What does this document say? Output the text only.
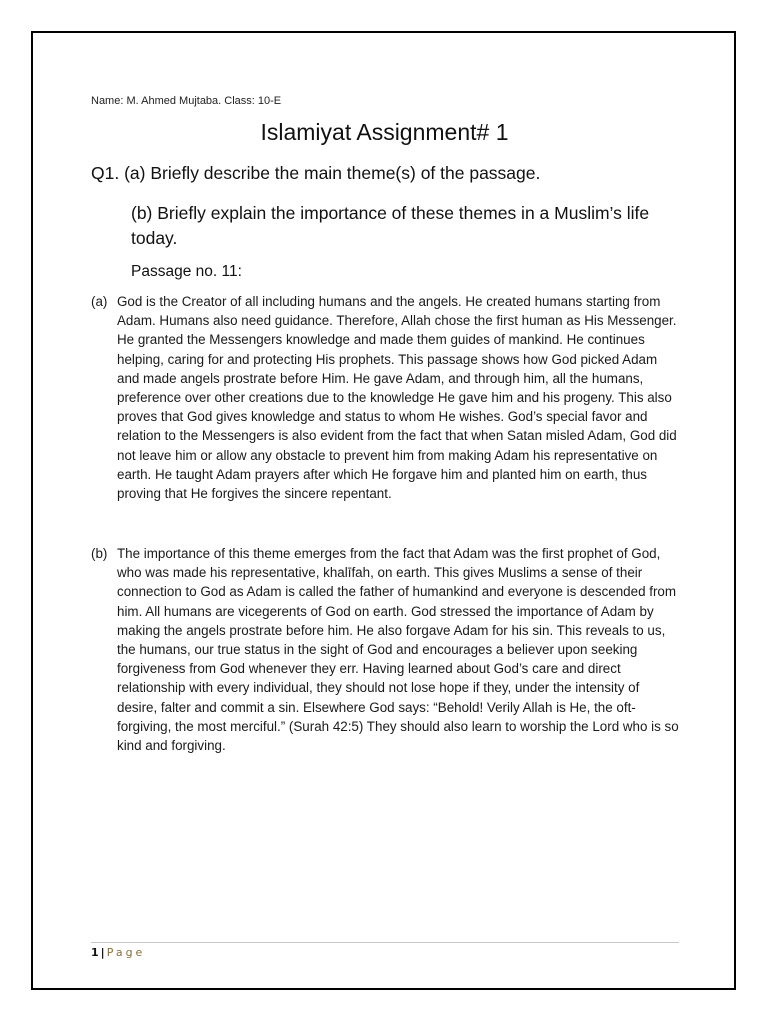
Name: M. Ahmed Mujtaba. Class: 10-E
Islamiyat Assignment# 1
Q1. (a) Briefly describe the main theme(s) of the passage.
(b) Briefly explain the importance of these themes in a Muslim’s life today.
Passage no. 11:
(a) God is the Creator of all including humans and the angels. He created humans starting from Adam. Humans also need guidance. Therefore, Allah chose the first human as His Messenger. He granted the Messengers knowledge and made them guides of mankind. He continues helping, caring for and protecting His prophets. This passage shows how God picked Adam and made angels prostrate before Him. He gave Adam, and through him, all the humans, preference over other creations due to the knowledge He gave him and his progeny. This also proves that God gives knowledge and status to whom He wishes. God’s special favor and relation to the Messengers is also evident from the fact that when Satan misled Adam, God did not leave him or allow any obstacle to prevent him from making Adam his representative on earth. He taught Adam prayers after which He forgave him and planted him on earth, thus proving that He forgives the sincere repentant.
(b) The importance of this theme emerges from the fact that Adam was the first prophet of God, who was made his representative, khalīfah, on earth. This gives Muslims a sense of their connection to God as Adam is called the father of humankind and everyone is descended from him. All humans are vicegerents of God on earth. God stressed the importance of Adam by making the angels prostrate before him. He also forgave Adam for his sin. This reveals to us, the humans, our true status in the sight of God and encourages a believer upon seeking forgiveness from God whenever they err. Having learned about God’s care and direct relationship with every individual, they should not lose hope if they, under the intensity of desire, falter and commit a sin. Elsewhere God says: “Behold! Verily Allah is He, the oft-forgiving, the most merciful.” (Surah 42:5) They should also learn to worship the Lord who is so kind and forgiving.
1 | Page
